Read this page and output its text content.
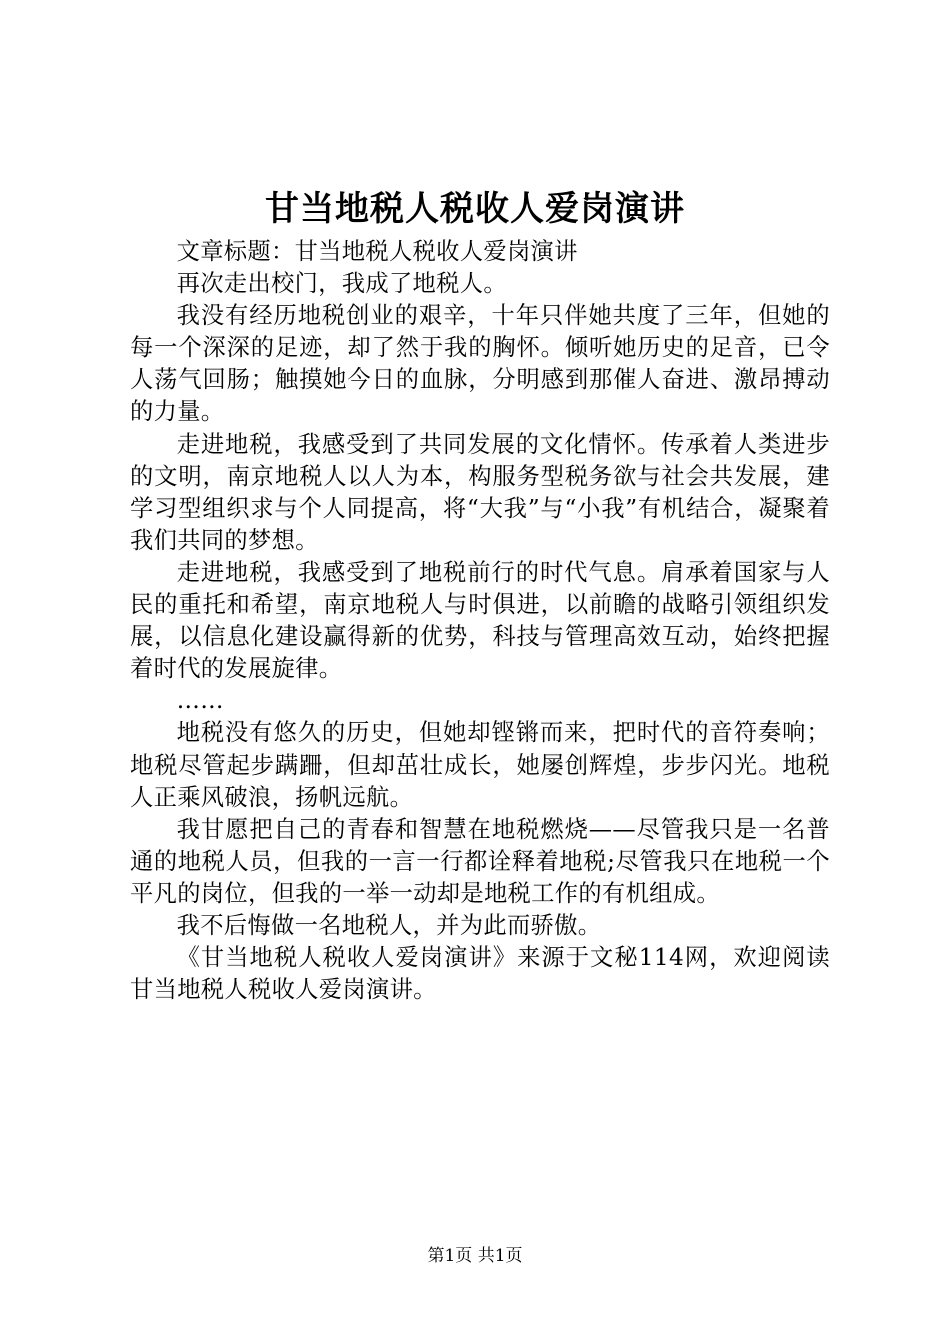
甘当地税人税收人爱岗演讲

文章标题：甘当地税人税收人爱岗演讲

再次走出校门，我成了地税人。

我没有经历地税创业的艰辛，十年只伴她共度了三年，但她的每一个深深的足迹，却了然于我的胸怀。倾听她历史的足音，已令人荡气回肠；触摸她今日的血脉，分明感到那催人奋进、激昂搏动的力量。

走进地税，我感受到了共同发展的文化情怀。传承着人类进步的文明，南京地税人以人为本，构服务型税务欲与社会共发展，建学习型组织求与个人同提高，将“大我”与“小我”有机结合，凝聚着我们共同的梦想。

走进地税，我感受到了地税前行的时代气息。肩承着国家与人民的重托和希望，南京地税人与时俱进，以前瞻的战略引领组织发展，以信息化建设赢得新的优势，科技与管理高效互动，始终把握着时代的发展旋律。

……

地税没有悠久的历史，但她却铿锵而来，把时代的音符奏响；地税尽管起步蹒跚，但却茁壮成长，她屡创辉煌，步步闪光。地税人正乘风破浪，扬帆远航。

我甘愿把自己的青春和智慧在地税燃烧——尽管我只是一名普通的地税人员，但我的一言一行都诠释着地税;尽管我只在地税一个平凡的岗位，但我的一举一动却是地税工作的有机组成。

我不后悔做一名地税人，并为此而骄傲。

《甘当地税人税收人爱岗演讲》来源于文秘114网，欢迎阅读甘当地税人税收人爱岗演讲。

第1页 共1页
